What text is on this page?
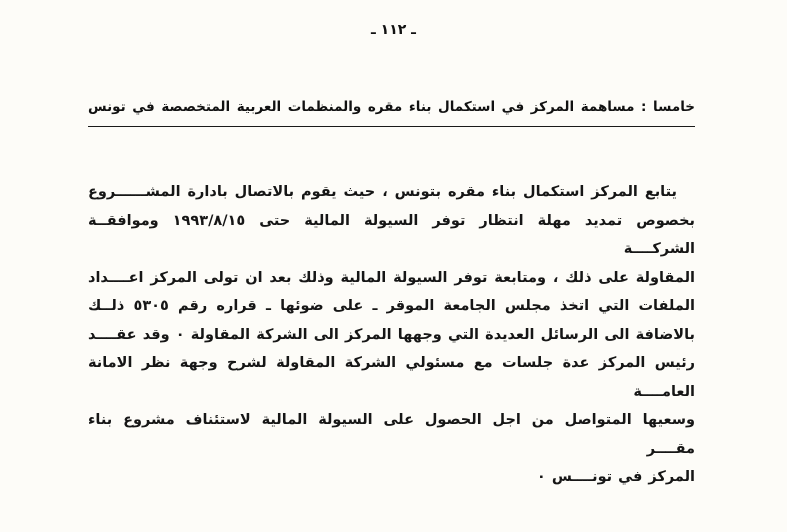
ـ ١١٢ ـ
خامسا : مساهمة المركز في استكمال بناء مقره والمنظمات العربية المتخصصة في تونس
يتابع المركز استكمال بناء مقره بتونس ، حيث يقوم بالاتصال بادارة المشــــــروع
بخصوص تمديد مهلة انتظار توفر السيولة المالية حتى ١٩٩٣/٨/١٥ وموافقــة الشركــــة
المقاولة على ذلك ، ومتابعة توفر السيولة المالية وذلك بعد ان تولى المركز اعــــداد
الملفات التي اتخذ مجلس الجامعة الموقر ـ على ضوئها ـ قراره رقم ٥٣٠٥ ذلــك
بالاضافة الى الرسائل العديدة التي وجهها المركز الى الشركة المقاولة ٠ وقد عقــــد
رئيس المركز عدة جلسات مع مسئولي الشركة المقاولة لشرح وجهة نظر الامانة العامــــة
وسعيها المتواصل من اجل الحصول على السيولة المالية لاستئناف مشروع بناء مقــــر
المركز في تونــــس ٠
